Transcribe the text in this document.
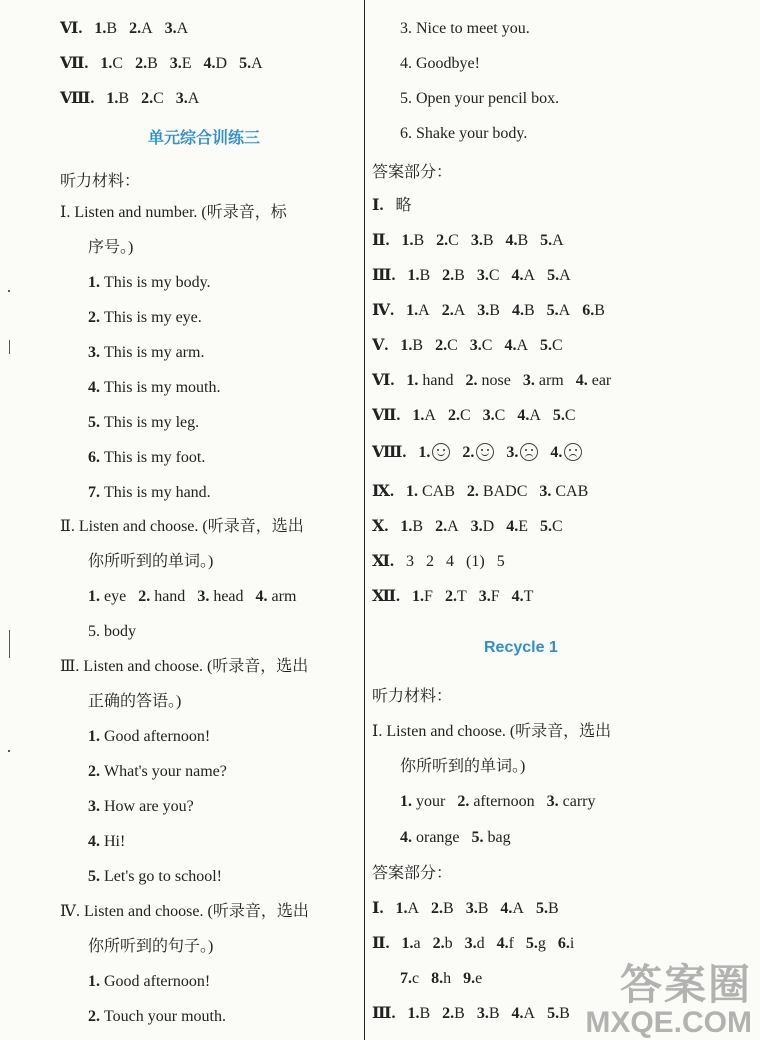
Ⅵ. 1.B 2.A 3.A
Ⅶ. 1.C 2.B 3.E 4.D 5.A
Ⅷ. 1.B 2.C 3.A
单元综合训练三
听力材料：
Ⅰ. Listen and number. (听录音，标
序号。)
1. This is my body.
2. This is my eye.
3. This is my arm.
4. This is my mouth.
5. This is my leg.
6. This is my foot.
7. This is my hand.
Ⅱ. Listen and choose. (听录音，选出
你所听到的单词。)
1. eye 2. hand 3. head 4. arm
5. body
Ⅲ. Listen and choose. (听录音，选出
正确的答语。)
1. Good afternoon!
2. What's your name?
3. How are you?
4. Hi!
5. Let's go to school!
Ⅳ. Listen and choose. (听录音，选出
你所听到的句子。)
1. Good afternoon!
2. Touch your mouth.
3. Nice to meet you.
4. Goodbye!
5. Open your pencil box.
6. Shake your body.
答案部分：
Ⅰ. 略
Ⅱ. 1.B 2.C 3.B 4.B 5.A
Ⅲ. 1.B 2.B 3.C 4.A 5.A
Ⅳ. 1.A 2.A 3.B 4.B 5.A 6.B
Ⅴ. 1.B 2.C 3.C 4.A 5.C
Ⅵ. 1. hand 2. nose 3. arm 4. ear
Ⅶ. 1.A 2.C 3.C 4.A 5.C
Ⅷ. 1. 2. 3. 4.
Ⅸ. 1. CAB 2. BADC 3. CAB
Ⅹ. 1.B 2.A 3.D 4.E 5.C
Ⅺ. 3 2 4 (1) 5
Ⅻ. 1.F 2.T 3.F 4.T
Recycle 1
听力材料：
Ⅰ. Listen and choose. (听录音，选出
你所听到的单词。)
1. your 2. afternoon 3. carry
4. orange 5. bag
答案部分：
Ⅰ. 1.A 2.B 3.B 4.A 5.B
Ⅱ. 1.a 2.b 3.d 4.f 5.g 6.i
7.c 8.h 9.e
Ⅲ. 1.B 2.B 3.B 4.A 5.B
答案圈
MXQE.COM
